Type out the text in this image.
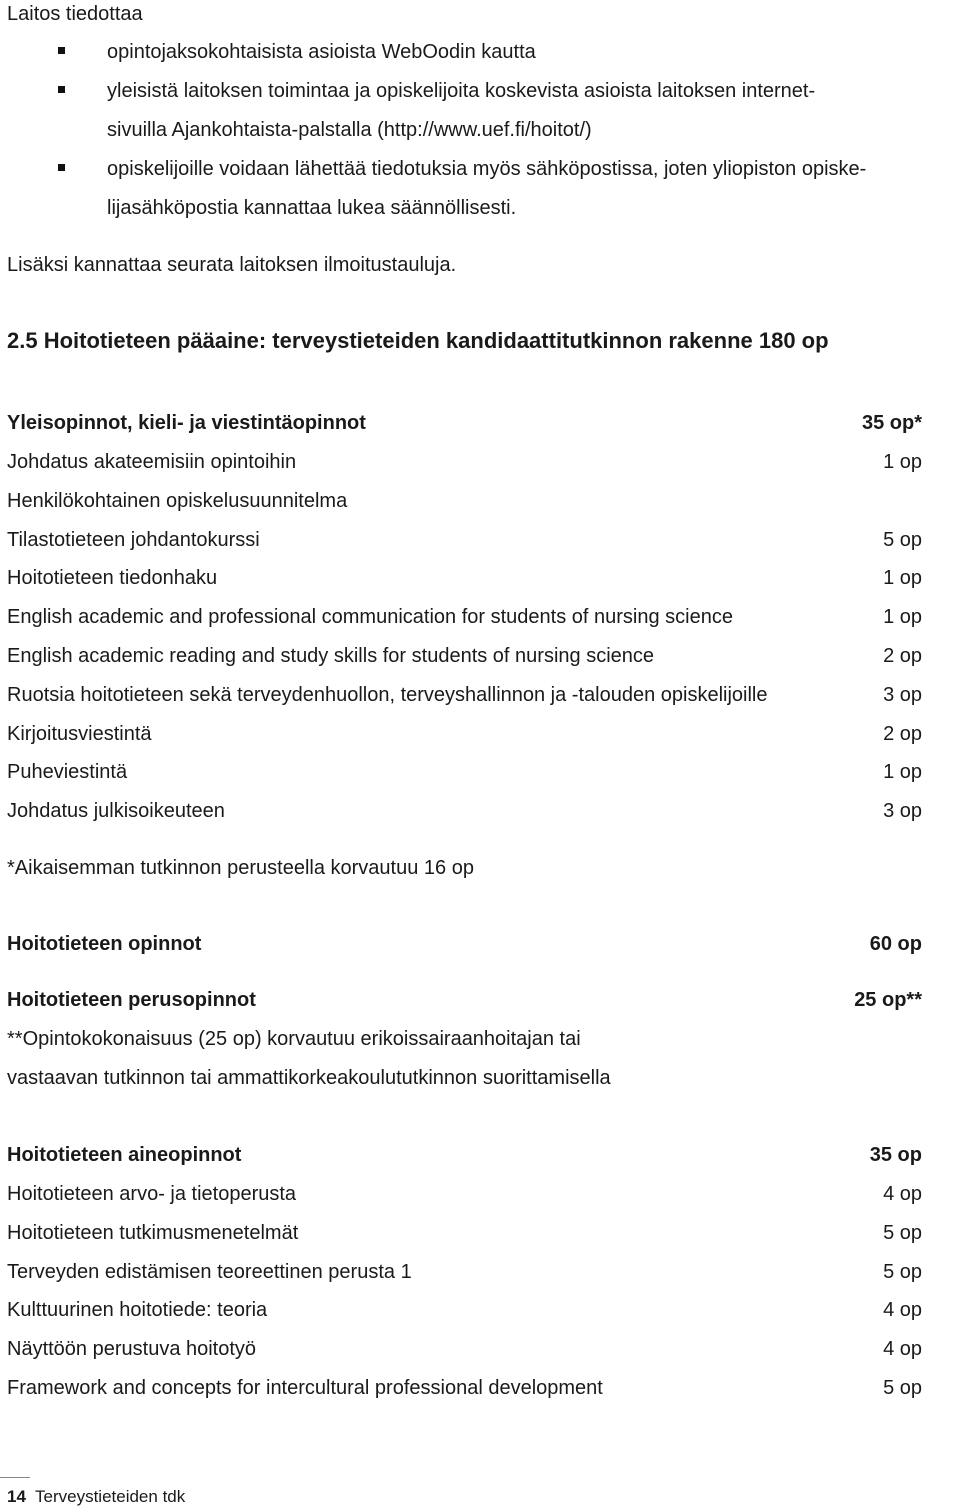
Laitos tiedottaa
opintojaksokohtaisista asioista WebOodin kautta
yleisistä laitoksen toimintaa ja opiskelijoita koskevista asioista laitoksen internet-
sivuilla Ajankohtaista-palstalla (http://www.uef.fi/hoitot/)
opiskelijoille voidaan lähettää tiedotuksia myös sähköpostissa, joten yliopiston opiske-
lijasähköpostia kannattaa lukea säännöllisesti.
Lisäksi kannattaa seurata laitoksen ilmoitustauluja.
2.5 Hoitotieteen pääaine: terveystieteiden kandidaattitutkinnon rakenne 180 op
Yleisopinnot, kieli- ja viestintäopinnot	35 op*
Johdatus akateemisiin opintoihin	1 op
Henkilökohtainen opiskelusuunnitelma
Tilastotieteen johdantokurssi	5 op
Hoitotieteen tiedonhaku	1 op
English academic and professional communication for students of nursing science	1 op
English academic reading and study skills for students of nursing science	2 op
Ruotsia hoitotieteen sekä terveydenhuollon, terveyshallinnon ja -talouden opiskelijoille	3 op
Kirjoitusviestintä	2 op
Puheviestintä	1 op
Johdatus julkisoikeuteen	3 op
*Aikaisemman tutkinnon perusteella korvautuu 16 op
Hoitotieteen opinnot	60 op
Hoitotieteen perusopinnot	25 op**
**Opintokokonaisuus (25 op) korvautuu erikoissairaanhoitajan tai
vastaavan tutkinnon tai ammattikorkeakoulututkinnon suorittamisella
Hoitotieteen aineopinnot	35 op
Hoitotieteen arvo- ja tietoperusta	4 op
Hoitotieteen tutkimusmenetelmät	5 op
Terveyden edistämisen teoreettinen perusta 1	5 op
Kulttuurinen hoitotiede: teoria	4 op
Näyttöön perustuva hoitotyö	4 op
Framework and concepts for intercultural professional development	5 op
14 Terveystieteiden tdk
